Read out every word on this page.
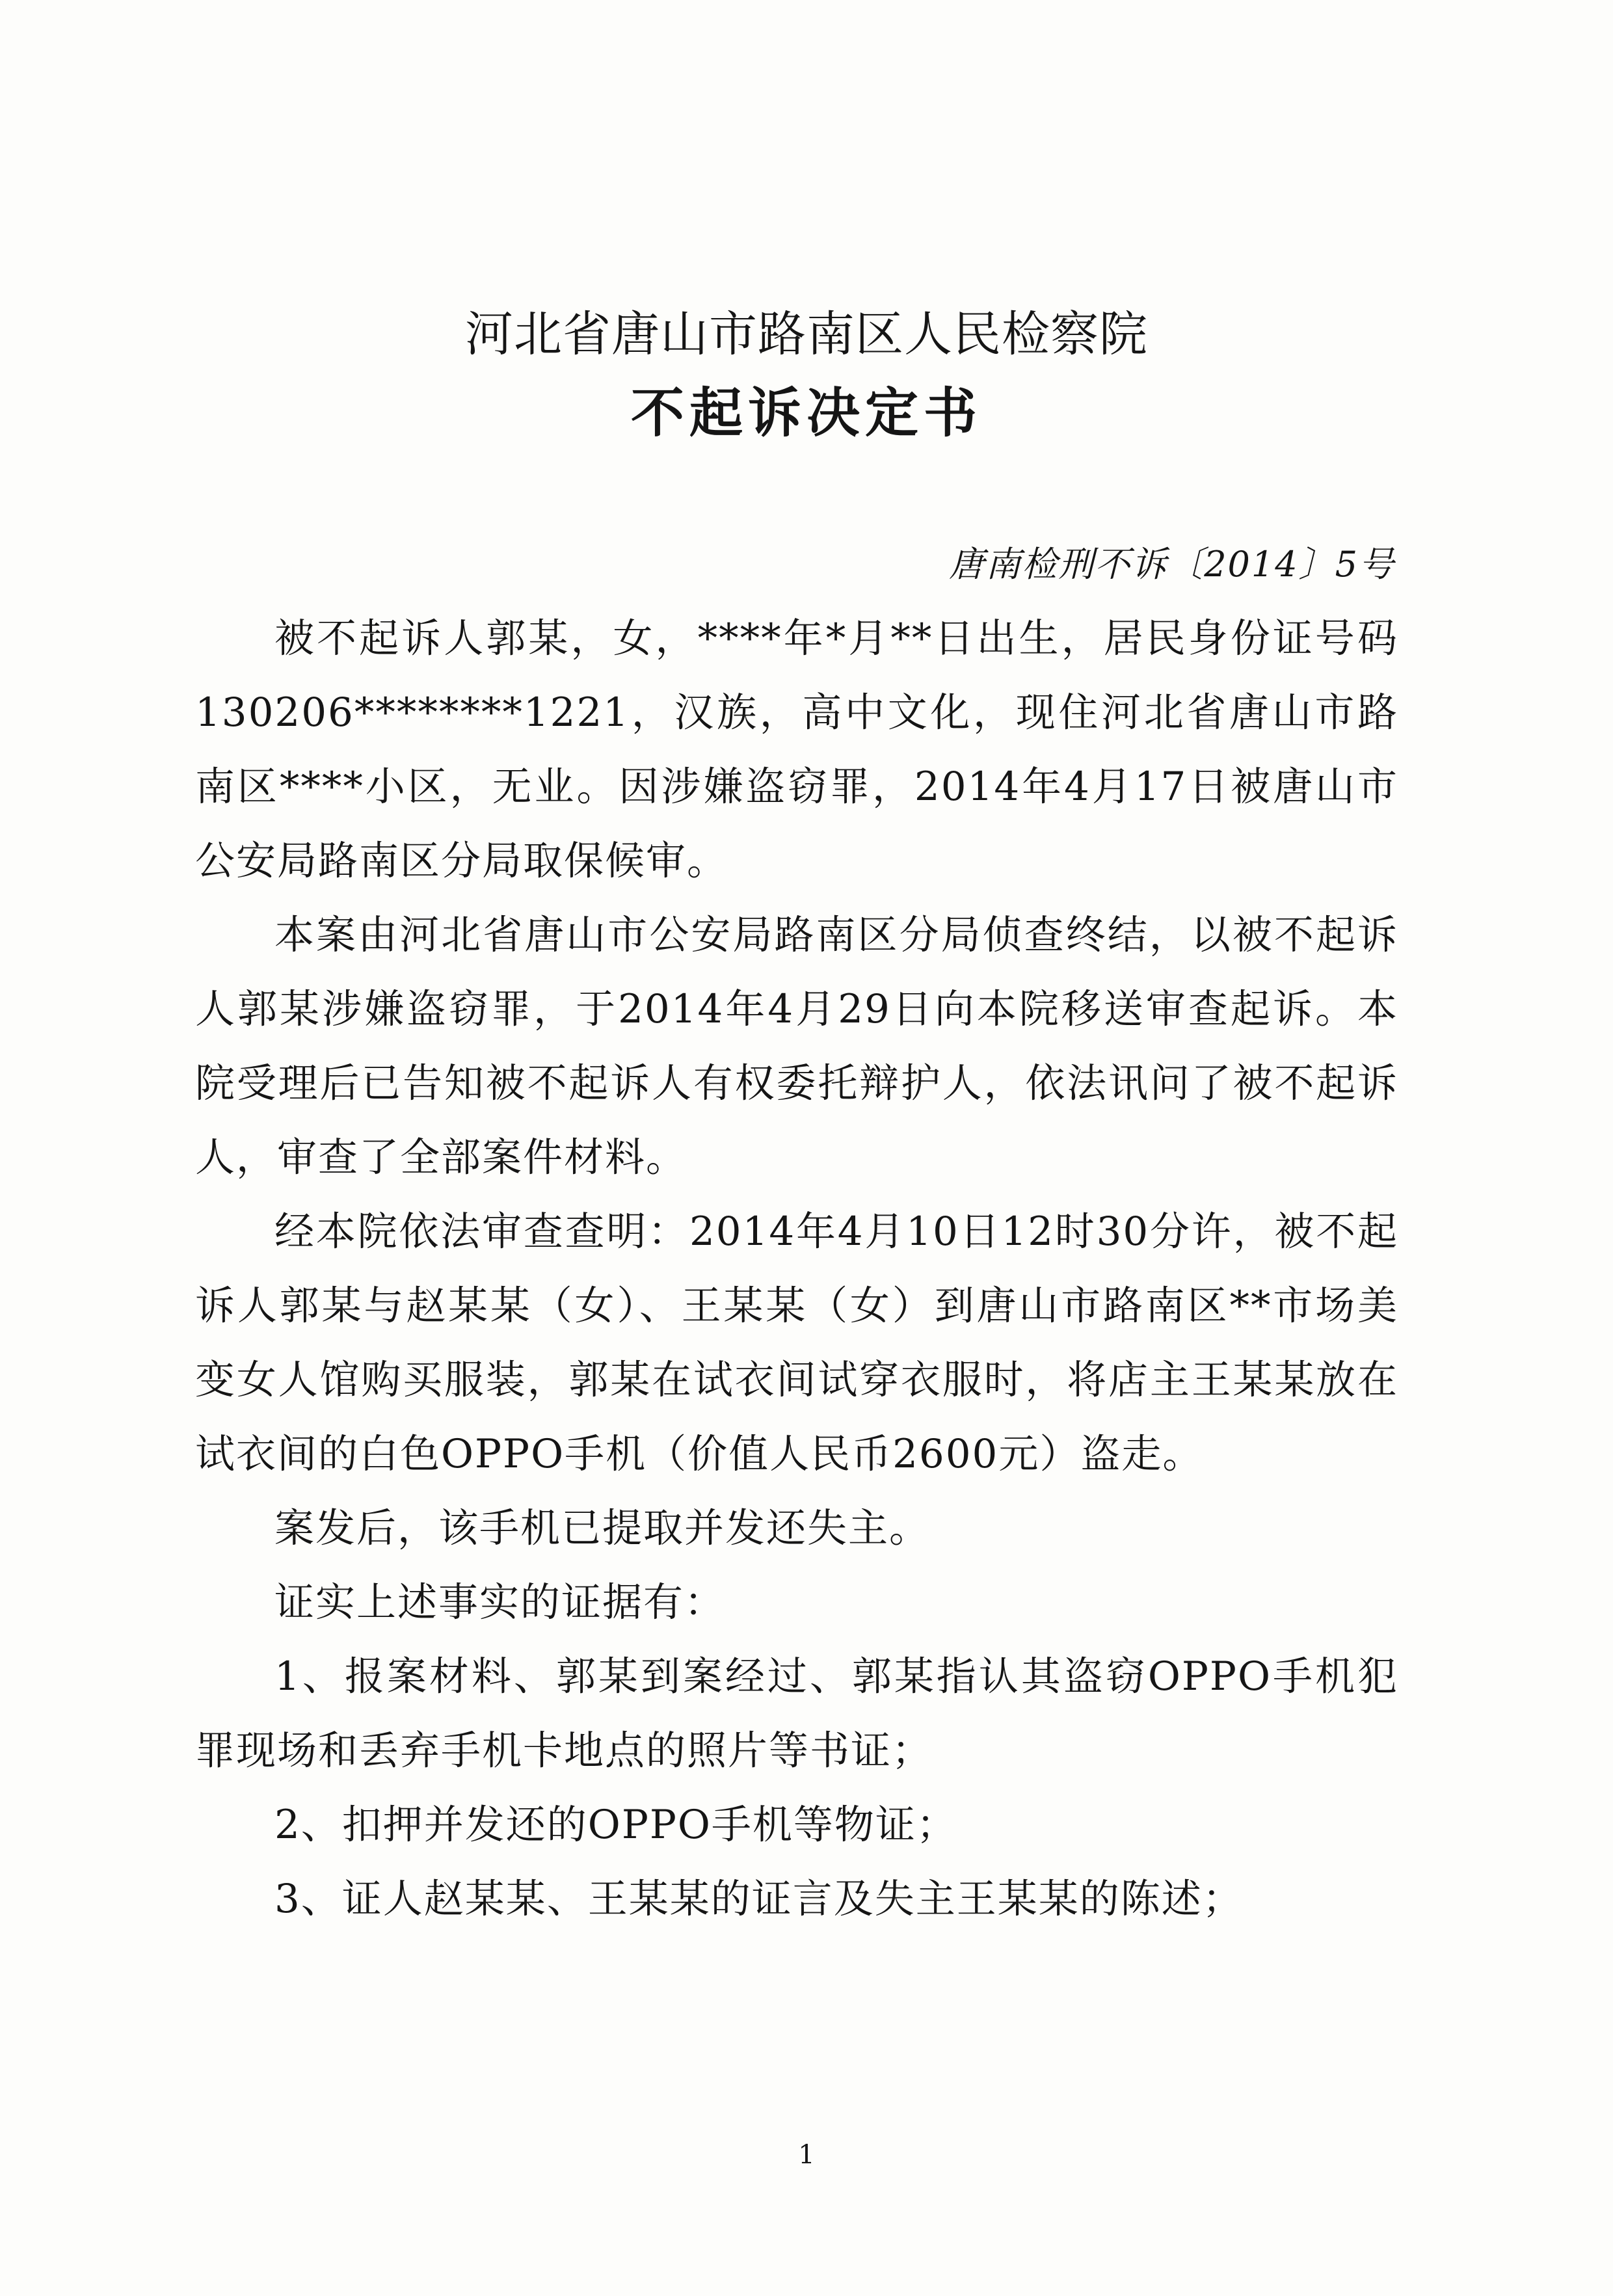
河北省唐山市路南区人民检察院
不起诉决定书
唐南检刑不诉〔2014〕5号

被不起诉人郭某，女，****年*月**日出生，居民身份证号码130206********1221，汉族，高中文化，现住河北省唐山市路南区****小区，无业。因涉嫌盗窃罪，2014年4月17日被唐山市公安局路南区分局取保候审。

本案由河北省唐山市公安局路南区分局侦查终结，以被不起诉人郭某涉嫌盗窃罪，于2014年4月29日向本院移送审查起诉。本院受理后已告知被不起诉人有权委托辩护人，依法讯问了被不起诉人，审查了全部案件材料。

经本院依法审查查明：2014年4月10日12时30分许，被不起诉人郭某与赵某某（女）、王某某（女）到唐山市路南区**市场美变女人馆购买服装，郭某在试衣间试穿衣服时，将店主王某某放在试衣间的白色OPPO手机（价值人民币2600元）盗走。

案发后，该手机已提取并发还失主。

证实上述事实的证据有：

1、报案材料、郭某到案经过、郭某指认其盗窃OPPO手机犯罪现场和丢弃手机卡地点的照片等书证；

2、扣押并发还的OPPO手机等物证；

3、证人赵某某、王某某的证言及失主王某某的陈述；

1
